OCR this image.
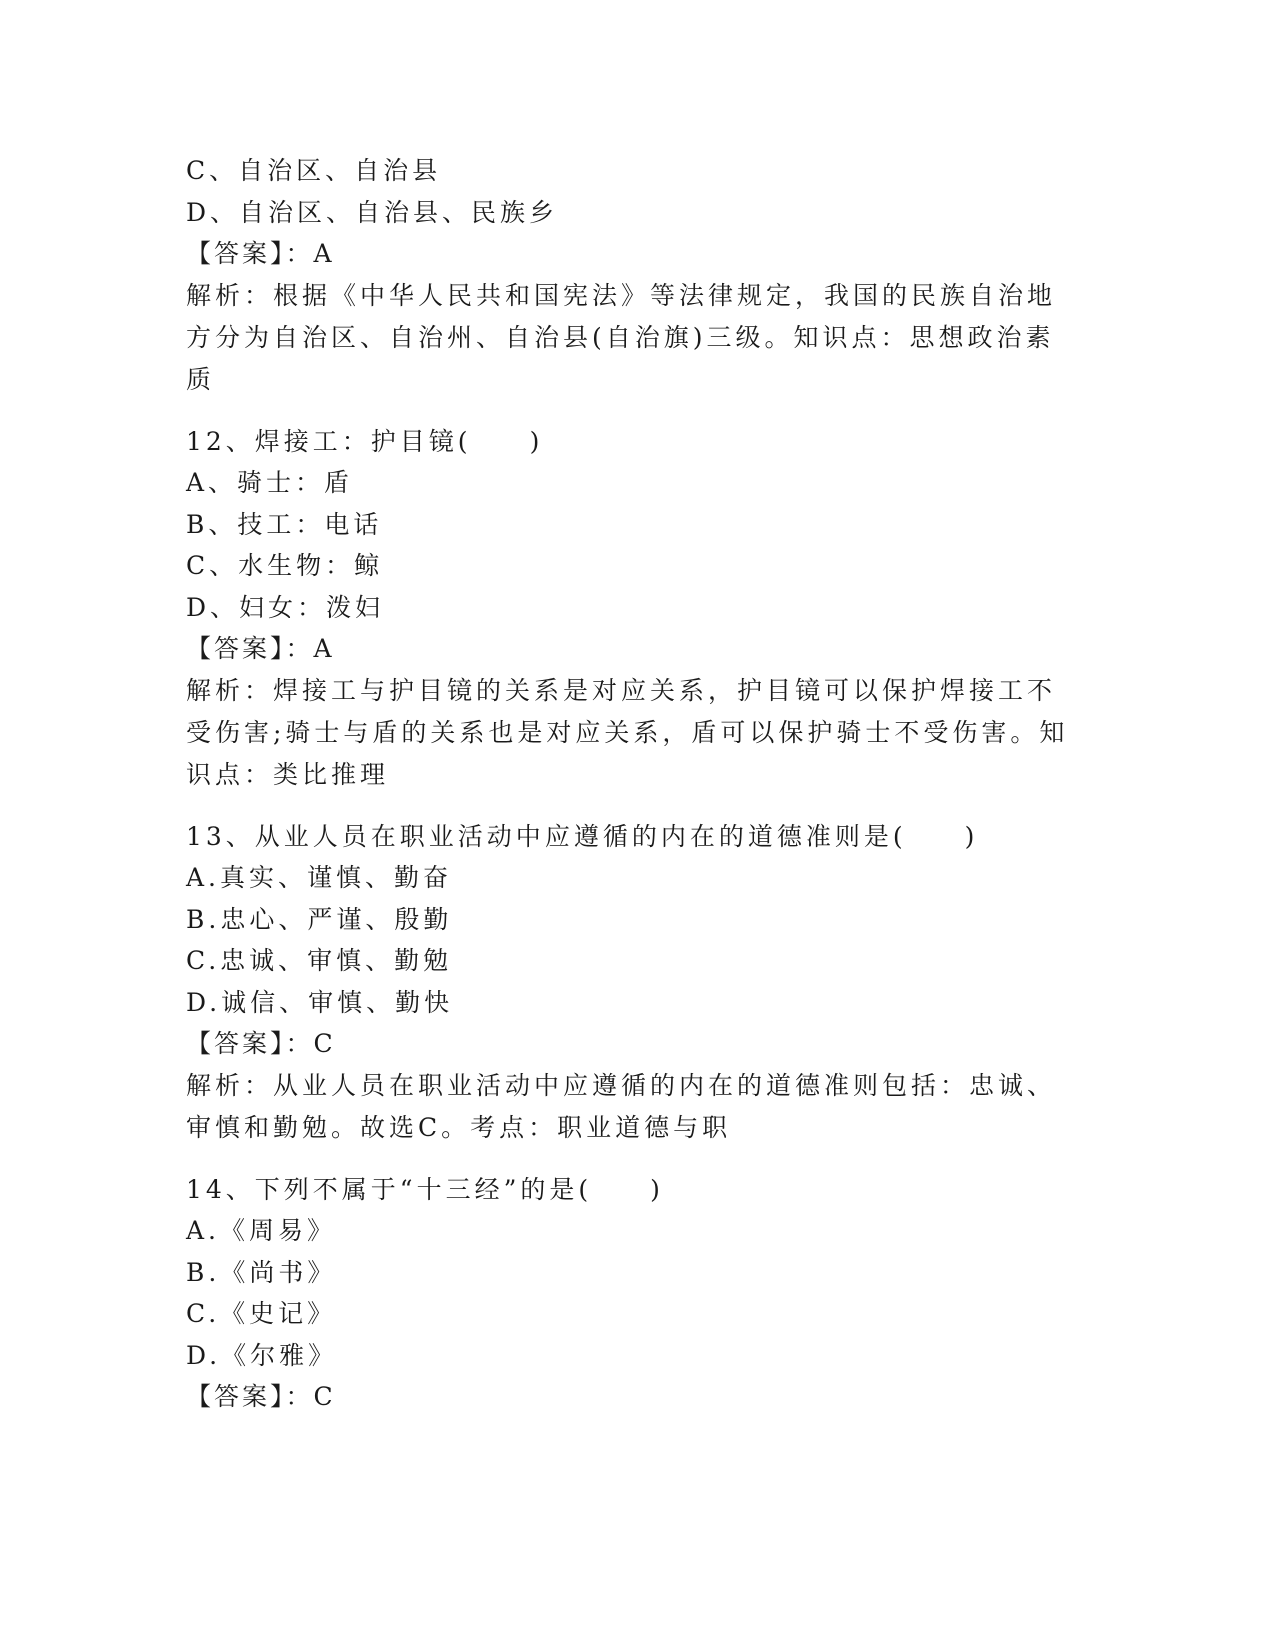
C、自治区、自治县
D、自治区、自治县、民族乡
【答案】：A
解析：根据《中华人民共和国宪法》等法律规定，我国的民族自治地
方分为自治区、自治州、自治县(自治旗)三级。知识点：思想政治素
质
12、焊接工：护目镜(　　)
A、骑士：盾
B、技工：电话
C、水生物：鲸
D、妇女：泼妇
【答案】：A
解析：焊接工与护目镜的关系是对应关系，护目镜可以保护焊接工不
受伤害;骑士与盾的关系也是对应关系，盾可以保护骑士不受伤害。知
识点：类比推理
13、从业人员在职业活动中应遵循的内在的道德准则是(　　)
A.真实、谨慎、勤奋
B.忠心、严谨、殷勤
C.忠诚、审慎、勤勉
D.诚信、审慎、勤快
【答案】：C
解析：从业人员在职业活动中应遵循的内在的道德准则包括：忠诚、
审慎和勤勉。故选C。考点：职业道德与职
14、下列不属于“十三经”的是(　　)
A.《周易》
B.《尚书》
C.《史记》
D.《尔雅》
【答案】：C
